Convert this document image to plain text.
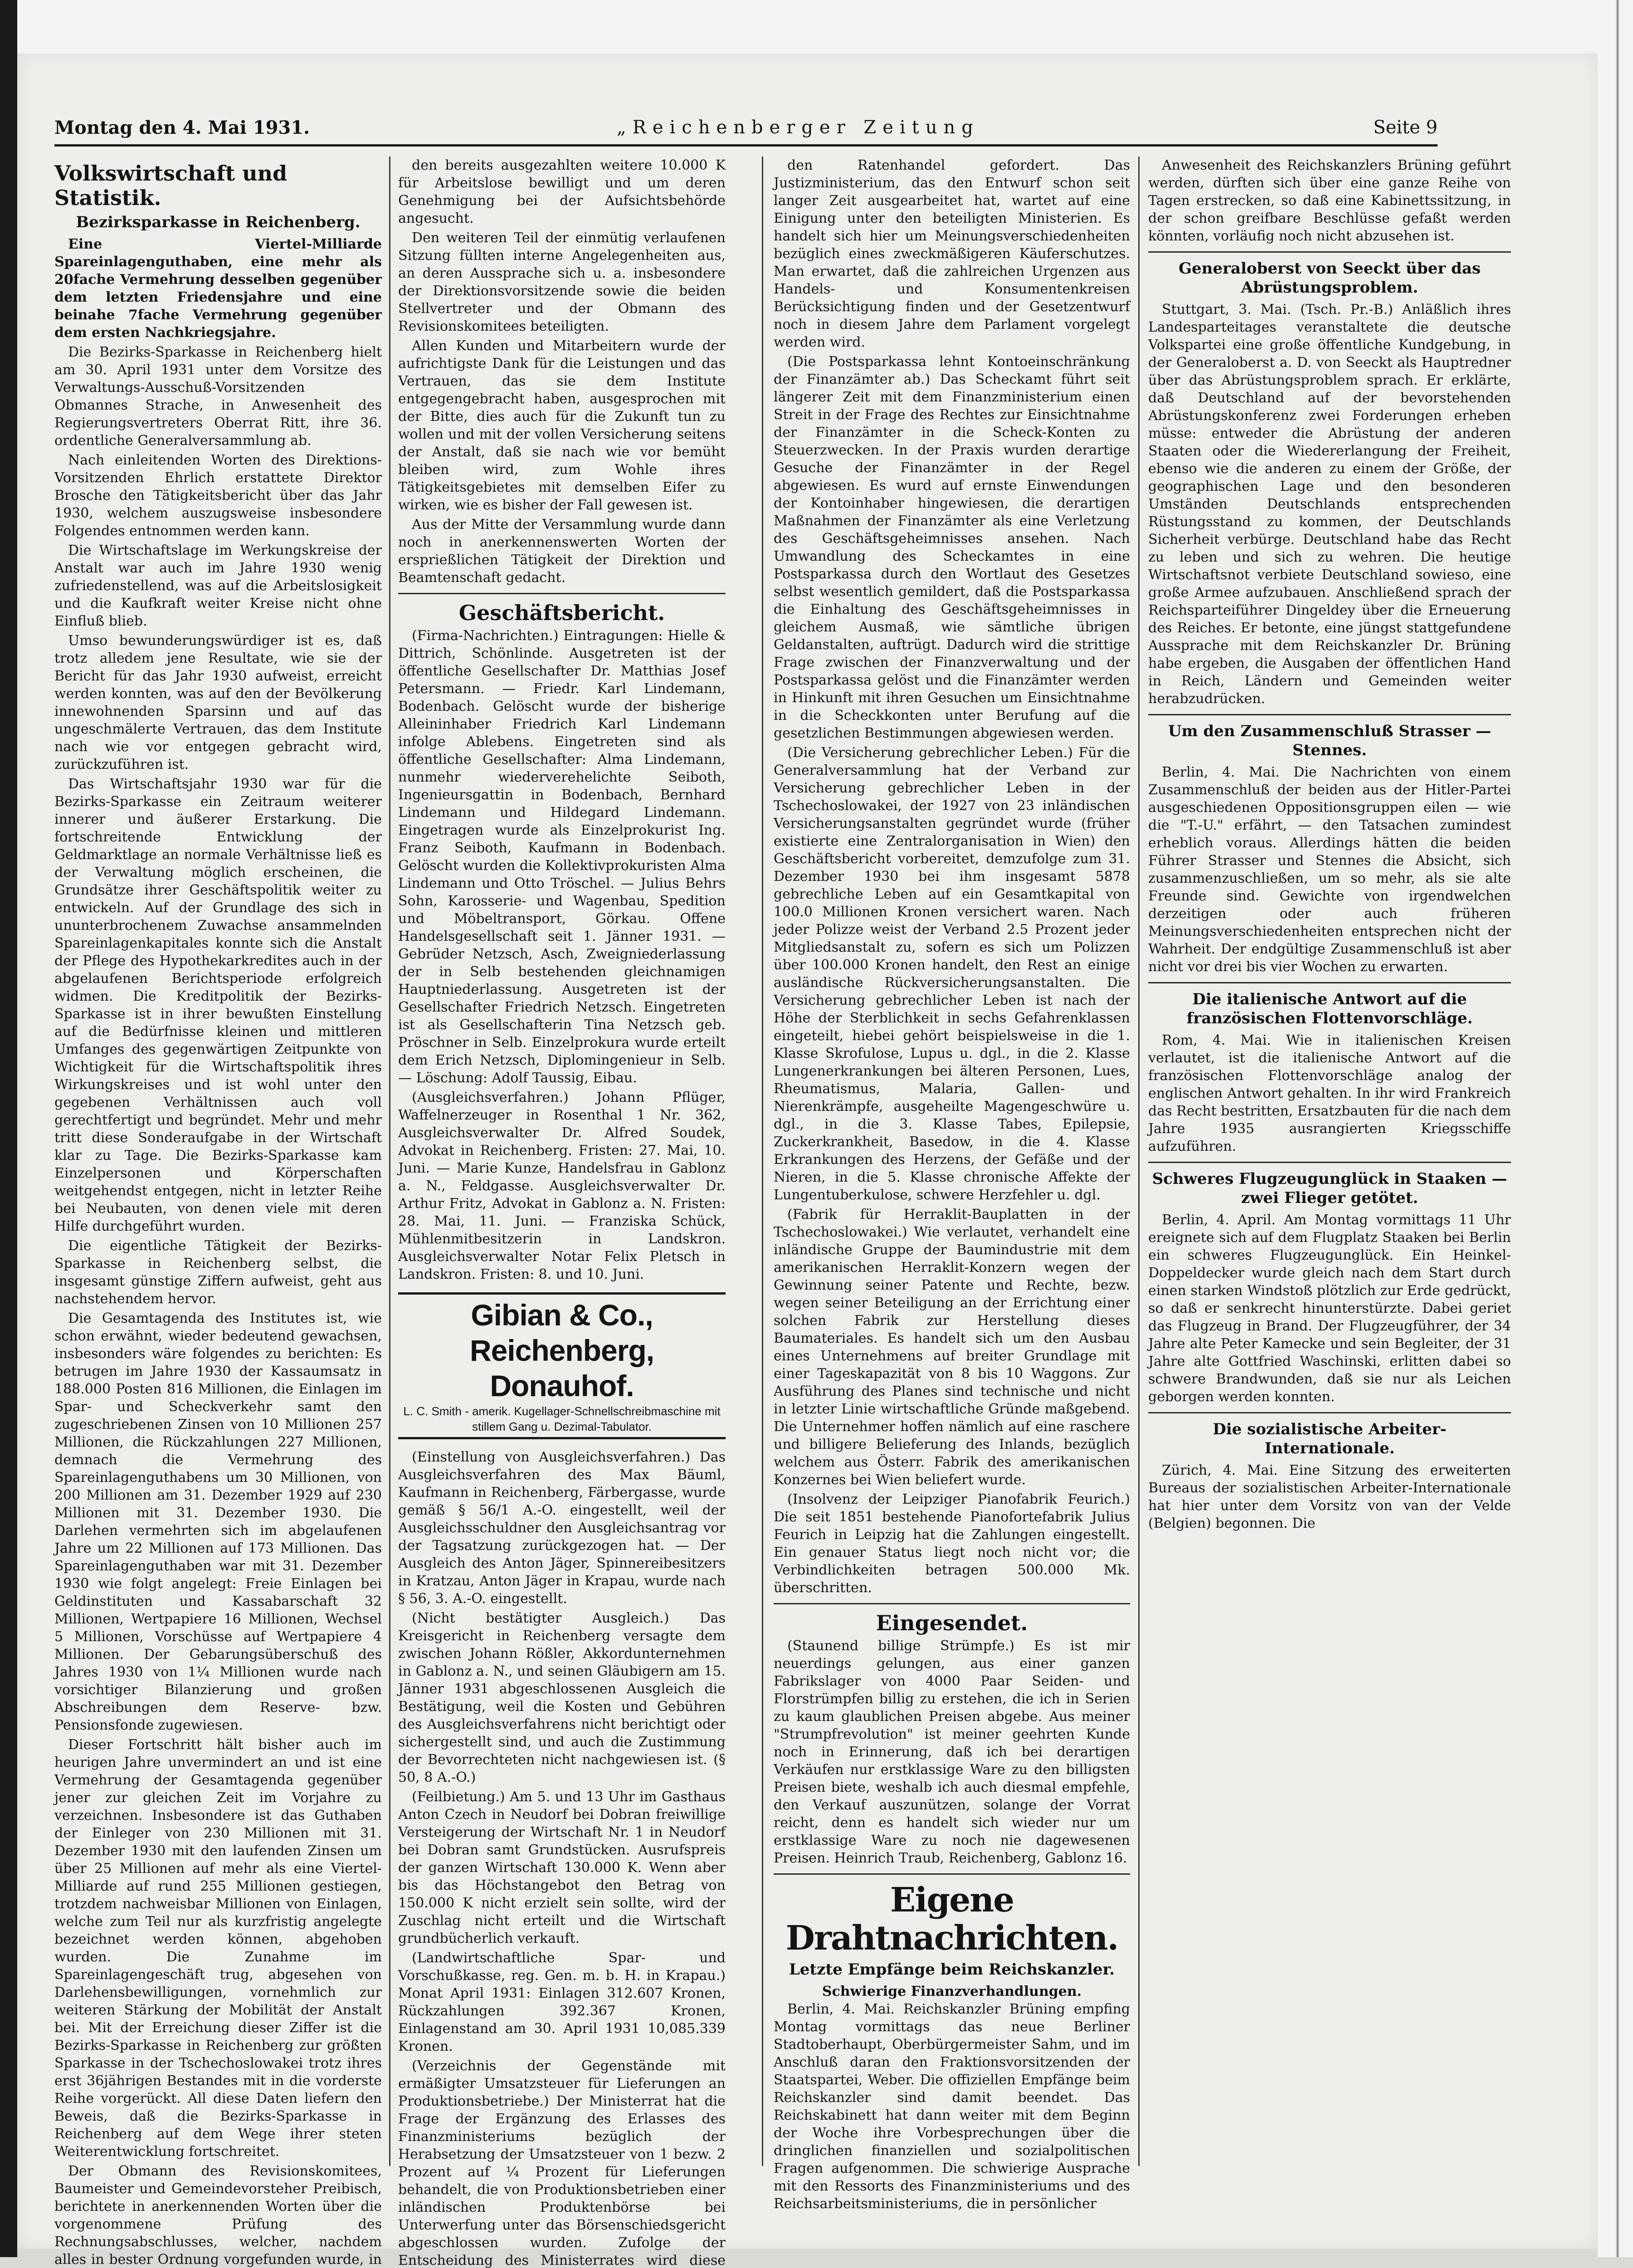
Montag den 4. Mai 1931.	„Reichenberger Zeitung	Seite 9
Volkswirtschaft und Statistik.
Bezirksparkasse in Reichenberg.

Eine Viertel-Milliarde Spareinlagenguthaben, eine mehr als 20fache Vermehrung desselben gegenüber dem letzten Friedensjahre und eine beinahe 7fache Vermehrung gegenüber dem ersten Nachkriegsjahre.

Die Bezirks-Sparkasse in Reichenberg hielt am 30. April 1931 unter dem Vorsitze des Verwaltungs-Ausschuß-Vorsitzenden Obmannes Strache, in Anwesenheit des Regierungsvertreters Oberrat Ritt, ihre 36. ordentliche Generalversammlung ab.

Nach einleitenden Worten des Direktions-Vorsitzenden Ehrlich erstattete Direktor Brosche den Tätigkeitsbericht über das Jahr 1930, welchem auszugsweise insbesondere Folgendes entnommen werden kann.

Die Wirtschaftslage im Werkungskreise der Anstalt war auch im Jahre 1930 wenig zufriedenstellend, was auf die Arbeitslosigkeit und die Kaufkraft weiter Kreise nicht ohne Einfluß blieb.

Umso bewunderungswürdiger ist es, daß trotz alledem jene Resultate, wie sie der Bericht für das Jahr 1930 aufweist, erreicht werden konnten, was auf den der Bevölkerung innewohnenden Sparsinn und auf das ungeschmälerte Vertrauen, das dem Institute nach wie vor entgegen gebracht wird, zurückzuführen ist.

Das Wirtschaftsjahr 1930 war für die Bezirks-Sparkasse ein Zeitraum weiterer innerer und äußerer Erstarkung. Die fortschreitende Entwicklung der Geldmarktlage an normale Verhältnisse ließ es der Verwaltung möglich erscheinen, die Grundsätze ihrer Geschäftspolitik weiter zu entwickeln. Auf der Grundlage des sich in ununterbrochenem Zuwachse ansammelnden Spareinlagenkapitales konnte sich die Anstalt der Pflege des Hypothekarkredites auch in der abgelaufenen Berichtsperiode erfolgreich widmen. Die Kreditpolitik der Bezirks-Sparkasse ist in ihrer bewußten Einstellung auf die Bedürfnisse kleinen und mittleren Umfanges des gegenwärtigen Zeitpunkte von Wichtigkeit für die Wirtschaftspolitik ihres Wirkungskreises und ist wohl unter den gegebenen Verhältnissen auch voll gerechtfertigt und begründet. Mehr und mehr tritt diese Sonderaufgabe in der Wirtschaft klar zu Tage. Die Bezirks-Sparkasse kam Einzelpersonen und Körperschaften weitgehendst entgegen, nicht in letzter Reihe bei Neubauten, von denen viele mit deren Hilfe durchgeführt wurden.

Die eigentliche Tätigkeit der Bezirks-Sparkasse in Reichenberg selbst, die insgesamt günstige Ziffern aufweist, geht aus nachstehendem hervor.

Die Gesamtagenda des Institutes ist, wie schon erwähnt, wieder bedeutend gewachsen, insbesonders wäre folgendes zu berichten: Es betrugen im Jahre 1930 der Kassaumsatz in 188.000 Posten 816 Millionen, die Einlagen im Spar- und Scheckverkehr samt den zugeschriebenen Zinsen von 10 Millionen 257 Millionen, die Rückzahlungen 227 Millionen, demnach die Vermehrung des Spareinlagenguthabens um 30 Millionen, von 200 Millionen am 31. Dezember 1929 auf 230 Millionen mit 31. Dezember 1930. Die Darlehen vermehrten sich im abgelaufenen Jahre um 22 Millionen auf 173 Millionen. Das Spareinlagenguthaben war mit 31. Dezember 1930 wie folgt angelegt: Freie Einlagen bei Geldinstituten und Kassabarschaft 32 Millionen, Wertpapiere 16 Millionen, Wechsel 5 Millionen, Vorschüsse auf Wertpapiere 4 Millionen. Der Gebarungsüberschuß des Jahres 1930 von 1¼ Millionen wurde nach vorsichtiger Bilanzierung und großen Abschreibungen dem Reserve- bzw. Pensionsfonde zugewiesen.

Dieser Fortschritt hält bisher auch im heurigen Jahre unvermindert an und ist eine Vermehrung der Gesamtagenda gegenüber jener zur gleichen Zeit im Vorjahre zu verzeichnen. Insbesondere ist das Guthaben der Einleger von 230 Millionen mit 31. Dezember 1930 mit den laufenden Zinsen um über 25 Millionen auf mehr als eine Viertel-Milliarde auf rund 255 Millionen gestiegen, trotzdem nachweisbar Millionen von Einlagen, welche zum Teil nur als kurzfristig angelegte bezeichnet werden können, abgehoben wurden. Die Zunahme im Spareinlagengeschäft trug, abgesehen von Darlehensbewilligungen, vornehmlich zur weiteren Stärkung der Mobilität der Anstalt bei. Mit der Erreichung dieser Ziffer ist die Bezirks-Sparkasse in Reichenberg zur größten Sparkasse in der Tschechoslowakei trotz ihres erst 36jährigen Bestandes mit in die vorderste Reihe vorgerückt. All diese Daten liefern den Beweis, daß die Bezirks-Sparkasse in Reichenberg auf dem Wege ihrer steten Weiterentwicklung fortschreitet.

Der Obmann des Revisionskomitees, Baumeister und Gemeindevorsteher Preibisch, berichtete in anerkennenden Worten über die vorgenommene Prüfung des Rechnungsabschlusses, welcher, nachdem alles in bester Ordnung vorgefunden wurde, in

den bereits ausgezahlten weitere 10.000 K für Arbeitslose bewilligt und um deren Genehmigung bei der Aufsichtsbehörde angesucht.

Den weiteren Teil der einmütig verlaufenen Sitzung füllten interne Angelegenheiten aus, an deren Aussprache sich u. a. insbesondere der Direktionsvorsitzende sowie die beiden Stellvertreter und der Obmann des Revisionskomitees beteiligten.

Allen Kunden und Mitarbeitern wurde der aufrichtigste Dank für die Leistungen und das Vertrauen, das sie dem Institute entgegengebracht haben, ausgesprochen mit der Bitte, dies auch für die Zukunft tun zu wollen und mit der vollen Versicherung seitens der Anstalt, daß sie nach wie vor bemüht bleiben wird, zum Wohle ihres Tätigkeitsgebietes mit demselben Eifer zu wirken, wie es bisher der Fall gewesen ist.

Aus der Mitte der Versammlung wurde dann noch in anerkennenswerten Worten der ersprießlichen Tätigkeit der Direktion und Beamtenschaft gedacht.

Geschäftsbericht.

(Firma-Nachrichten.) Eintragungen: Hielle & Dittrich, Schönlinde. Ausgetreten ist der öffentliche Gesellschafter Dr. Matthias Josef Petersmann. — Friedr. Karl Lindemann, Bodenbach. Gelöscht wurde der bisherige Alleininhaber Friedrich Karl Lindemann infolge Ablebens. Eingetreten sind als öffentliche Gesellschafter: Alma Lindemann, nunmehr wiederverehelichte Seiboth, Ingenieursgattin in Bodenbach, Bernhard Lindemann und Hildegard Lindemann. Eingetragen wurde als Einzelprokurist Ing. Franz Seiboth, Kaufmann in Bodenbach. Gelöscht wurden die Kollektivprokuristen Alma Lindemann und Otto Tröschel. — Julius Behrs Sohn, Karosserie- und Wagenbau, Spedition und Möbeltransport, Görkau. Offene Handelsgesellschaft seit 1. Jänner 1931. — Gebrüder Netzsch, Asch, Zweigniederlassung der in Selb bestehenden gleichnamigen Hauptniederlassung. Ausgetreten ist der Gesellschafter Friedrich Netzsch. Eingetreten ist als Gesellschafterin Tina Netzsch geb. Pröschner in Selb. Einzelprokura wurde erteilt dem Erich Netzsch, Diplomingenieur in Selb. — Löschung: Adolf Taussig, Eibau.

(Ausgleichsverfahren.) Johann Pflüger, Waffelnerzeuger in Rosenthal 1 Nr. 362, Ausgleichsverwalter Dr. Alfred Soudek, Advokat in Reichenberg. Fristen: 27. Mai, 10. Juni. — Marie Kunze, Handelsfrau in Gablonz a. N., Feldgasse. Ausgleichsverwalter Dr. Arthur Fritz, Advokat in Gablonz a. N. Fristen: 28. Mai, 11. Juni. — Franziska Schück, Mühlenmitbesitzerin in Landskron. Ausgleichsverwalter Notar Felix Pletsch in Landskron. Fristen: 8. und 10. Juni.

Gibian & Co., Reichenberg, Donauhof.
L. C. Smith - amerik. Kugellager-Schnellschreibmaschine mit stillem Gang u. Dezimal-Tabulator.

(Einstellung von Ausgleichsverfahren.) Das Ausgleichsverfahren des Max Bäuml, Kaufmann in Reichenberg, Färbergasse, wurde gemäß § 56/1 A.-O. eingestellt, weil der Ausgleichsschuldner den Ausgleichsantrag vor der Tagsatzung zurückgezogen hat. — Der Ausgleich des Anton Jäger, Spinnereibesitzers in Kratzau, Anton Jäger in Krapau, wurde nach § 56, 3. A.-O. eingestellt.

(Nicht bestätigter Ausgleich.) Das Kreisgericht in Reichenberg versagte dem zwischen Johann Rößler, Akkordunternehmen in Gablonz a. N., und seinen Gläubigern am 15. Jänner 1931 abgeschlossenen Ausgleich die Bestätigung, weil die Kosten und Gebühren des Ausgleichsverfahrens nicht berichtigt oder sichergestellt sind, und auch die Zustimmung der Bevorrechteten nicht nachgewiesen ist. (§ 50, 8 A.-O.)

(Feilbietung.) Am 5. und 13 Uhr im Gasthaus Anton Czech in Neudorf bei Dobran freiwillige Versteigerung der Wirtschaft Nr. 1 in Neudorf bei Dobran samt Grundstücken. Ausrufspreis der ganzen Wirtschaft 130.000 K. Wenn aber bis das Höchstangebot den Betrag von 150.000 K nicht erzielt sein sollte, wird der Zuschlag nicht erteilt und die Wirtschaft grundbücherlich verkauft.

(Landwirtschaftliche Spar- und Vorschußkasse, reg. Gen. m. b. H. in Krapau.) Monat April 1931: Einlagen 312.607 Kronen, Rückzahlungen 392.367 Kronen, Einlagenstand am 30. April 1931 10,085.339 Kronen.

(Verzeichnis der Gegenstände mit ermäßigter Umsatzsteuer für Lieferungen an Produktionsbetriebe.) Der Ministerrat hat die Frage der Ergänzung des Erlasses des Finanzministeriums bezüglich der Herabsetzung der Umsatzsteuer von 1 bezw. 2 Prozent auf ¼ Prozent für Lieferungen behandelt, die von Produktionsbetrieben einer inländischen Produktenbörse bei Unterwerfung unter das Börsenschiedsgericht abgeschlossen wurden. Zufolge der Entscheidung des Ministerrates wird diese

den Ratenhandel gefordert. Das Justizministerium, das den Entwurf schon seit langer Zeit ausgearbeitet hat, wartet auf eine Einigung unter den beteiligten Ministerien. Es handelt sich hier um Meinungsverschiedenheiten bezüglich eines zweckmäßigeren Käuferschutzes. Man erwartet, daß die zahlreichen Urgenzen aus Handels- und Konsumentenkreisen Berücksichtigung finden und der Gesetzentwurf noch in diesem Jahre dem Parlament vorgelegt werden wird.

(Die Postsparkassa lehnt Kontoeinschränkung der Finanzämter ab.) Das Scheckamt führt seit längerer Zeit mit dem Finanzministerium einen Streit in der Frage des Rechtes zur Einsichtnahme der Finanzämter in die Scheck-Konten zu Steuerzwecken. In der Praxis wurden derartige Gesuche der Finanzämter in der Regel abgewiesen. Es wurd auf ernste Einwendungen der Kontoinhaber hingewiesen, die derartigen Maßnahmen der Finanzämter als eine Verletzung des Geschäftsgeheimnisses ansehen. Nach Umwandlung des Scheckamtes in eine Postsparkassa durch den Wortlaut des Gesetzes selbst wesentlich gemildert, daß die Postsparkassa die Einhaltung des Geschäftsgeheimnisses in gleichem Ausmaß, wie sämtliche übrigen Geldanstalten, auftrügt. Dadurch wird die strittige Frage zwischen der Finanzverwaltung und der Postsparkassa gelöst und die Finanzämter werden in Hinkunft mit ihren Gesuchen um Einsichtnahme in die Scheckkonten unter Berufung auf die gesetzlichen Bestimmungen abgewiesen werden.

(Die Versicherung gebrechlicher Leben.) Für die Generalversammlung hat der Verband zur Versicherung gebrechlicher Leben in der Tschechoslowakei, der 1927 von 23 inländischen Versicherungsanstalten gegründet wurde (früher existierte eine Zentralorganisation in Wien) den Geschäftsbericht vorbereitet, demzufolge zum 31. Dezember 1930 bei ihm insgesamt 5878 gebrechliche Leben auf ein Gesamtkapital von 100.0 Millionen Kronen versichert waren. Nach jeder Polizze weist der Verband 2.5 Prozent jeder Mitgliedsanstalt zu, sofern es sich um Polizzen über 100.000 Kronen handelt, den Rest an einige ausländische Rückversicherungsanstalten. Die Versicherung gebrechlicher Leben ist nach der Höhe der Sterblichkeit in sechs Gefahrenklassen eingeteilt, hiebei gehört beispielsweise in die 1. Klasse Skrofulose, Lupus u. dgl., in die 2. Klasse Lungenerkrankungen bei älteren Personen, Lues, Rheumatismus, Malaria, Gallen- und Nierenkrämpfe, ausgeheilte Magengeschwüre u. dgl., in die 3. Klasse Tabes, Epilepsie, Zuckerkrankheit, Basedow, in die 4. Klasse Erkrankungen des Herzens, der Gefäße und der Nieren, in die 5. Klasse chronische Affekte der Lungentuberkulose, schwere Herzfehler u. dgl.

(Fabrik für Herraklit-Bauplatten in der Tschechoslowakei.) Wie verlautet, verhandelt eine inländische Gruppe der Baumindustrie mit dem amerikanischen Herraklit-Konzern wegen der Gewinnung seiner Patente und Rechte, bezw. wegen seiner Beteiligung an der Errichtung einer solchen Fabrik zur Herstellung dieses Baumateriales. Es handelt sich um den Ausbau eines Unternehmens auf breiter Grundlage mit einer Tageskapazität von 8 bis 10 Waggons. Zur Ausführung des Planes sind technische und nicht in letzter Linie wirtschaftliche Gründe maßgebend. Die Unternehmer hoffen nämlich auf eine raschere und billigere Belieferung des Inlands, bezüglich welchem aus Österr. Fabrik des amerikanischen Konzernes bei Wien beliefert wurde.

(Insolvenz der Leipziger Pianofabrik Feurich.) Die seit 1851 bestehende Pianofortefabrik Julius Feurich in Leipzig hat die Zahlungen eingestellt. Ein genauer Status liegt noch nicht vor; die Verbindlichkeiten betragen 500.000 Mk. überschritten.

Eingesendet.

(Staunend billige Strümpfe.) Es ist mir neuerdings gelungen, aus einer ganzen Fabrikslager von 4000 Paar Seiden- und Florstrümpfen billig zu erstehen, die ich in Serien zu kaum glaublichen Preisen abgebe. Aus meiner "Strumpfrevolution" ist meiner geehrten Kunde noch in Erinnerung, daß ich bei derartigen Verkäufen nur erstklassige Ware zu den billigsten Preisen biete, weshalb ich auch diesmal empfehle, den Verkauf auszunützen, solange der Vorrat reicht, denn es handelt sich wieder nur um erstklassige Ware zu noch nie dagewesenen Preisen. Heinrich Traub, Reichenberg, Gablonz 16.

Eigene Drahtnachrichten.
Letzte Empfänge beim Reichskanzler.
Schwierige Finanzverhandlungen.

Berlin, 4. Mai. Reichskanzler Brüning empfing Montag vormittags das neue Berliner Stadtoberhaupt, Oberbürgermeister Sahm, und im Anschluß daran den Fraktionsvorsitzenden der Staatspartei, Weber. Die offiziellen Empfänge beim Reichskanzler sind damit beendet. Das Reichskabinett hat dann weiter mit dem Beginn der Woche ihre Vorbesprechungen über die dringlichen finanziellen und sozialpolitischen Fragen aufgenommen. Die schwierige Ausprache mit den Ressorts des Finanzministeriums und des Reichsarbeitsministeriums, die in persönlicher

Anwesenheit des Reichskanzlers Brüning geführt werden, dürften sich über eine ganze Reihe von Tagen erstrecken, so daß eine Kabinettssitzung, in der schon greifbare Beschlüsse gefaßt werden könnten, vorläufig noch nicht abzusehen ist.

Generaloberst von Seeckt über das Abrüstungsproblem.

Stuttgart, 3. Mai. (Tsch. Pr.-B.) Anläßlich ihres Landesparteitages veranstaltete die deutsche Volkspartei eine große öffentliche Kundgebung, in der Generaloberst a. D. von Seeckt als Hauptredner über das Abrüstungsproblem sprach. Er erklärte, daß Deutschland auf der bevorstehenden Abrüstungskonferenz zwei Forderungen erheben müsse: entweder die Abrüstung der anderen Staaten oder die Wiedererlangung der Freiheit, ebenso wie die anderen zu einem der Größe, der geographischen Lage und den besonderen Umständen Deutschlands entsprechenden Rüstungsstand zu kommen, der Deutschlands Sicherheit verbürge. Deutschland habe das Recht zu leben und sich zu wehren. Die heutige Wirtschaftsnot verbiete Deutschland sowieso, eine große Armee aufzubauen. Anschließend sprach der Reichsparteiführer Dingeldey über die Erneuerung des Reiches. Er betonte, eine jüngst stattgefundene Aussprache mit dem Reichskanzler Dr. Brüning habe ergeben, die Ausgaben der öffentlichen Hand in Reich, Ländern und Gemeinden weiter herabzudrücken.

Um den Zusammenschluß Strasser — Stennes.

Berlin, 4. Mai. Die Nachrichten von einem Zusammenschluß der beiden aus der Hitler-Partei ausgeschiedenen Oppositionsgruppen eilen — wie die "T.-U." erfährt, — den Tatsachen zumindest erheblich voraus. Allerdings hätten die beiden Führer Strasser und Stennes die Absicht, sich zusammenzuschließen, um so mehr, als sie alte Freunde sind. Gewichte von irgendwelchen derzeitigen oder auch früheren Meinungsverschiedenheiten entsprechen nicht der Wahrheit. Der endgültige Zusammenschluß ist aber nicht vor drei bis vier Wochen zu erwarten.

Die italienische Antwort auf die französischen Flottenvorschläge.

Rom, 4. Mai. Wie in italienischen Kreisen verlautet, ist die italienische Antwort auf die französischen Flottenvorschläge analog der englischen Antwort gehalten. In ihr wird Frankreich das Recht bestritten, Ersatzbauten für die nach dem Jahre 1935 ausrangierten Kriegsschiffe aufzuführen.

Schweres Flugzeugunglück in Staaken — zwei Flieger getötet.

Berlin, 4. April. Am Montag vormittags 11 Uhr ereignete sich auf dem Flugplatz Staaken bei Berlin ein schweres Flugzeugunglück. Ein Heinkel-Doppeldecker wurde gleich nach dem Start durch einen starken Windstoß plötzlich zur Erde gedrückt, so daß er senkrecht hinunterstürzte. Dabei geriet das Flugzeug in Brand. Der Flugzeugführer, der 34 Jahre alte Peter Kamecke und sein Begleiter, der 31 Jahre alte Gottfried Waschinski, erlitten dabei so schwere Brandwunden, daß sie nur als Leichen geborgen werden konnten.

Die sozialistische Arbeiter-Internationale.

Zürich, 4. Mai. Eine Sitzung des erweiterten Bureaus der sozialistischen Arbeiter-Internationale hat hier unter dem Vorsitz von van der Velde (Belgien) begonnen. Die
